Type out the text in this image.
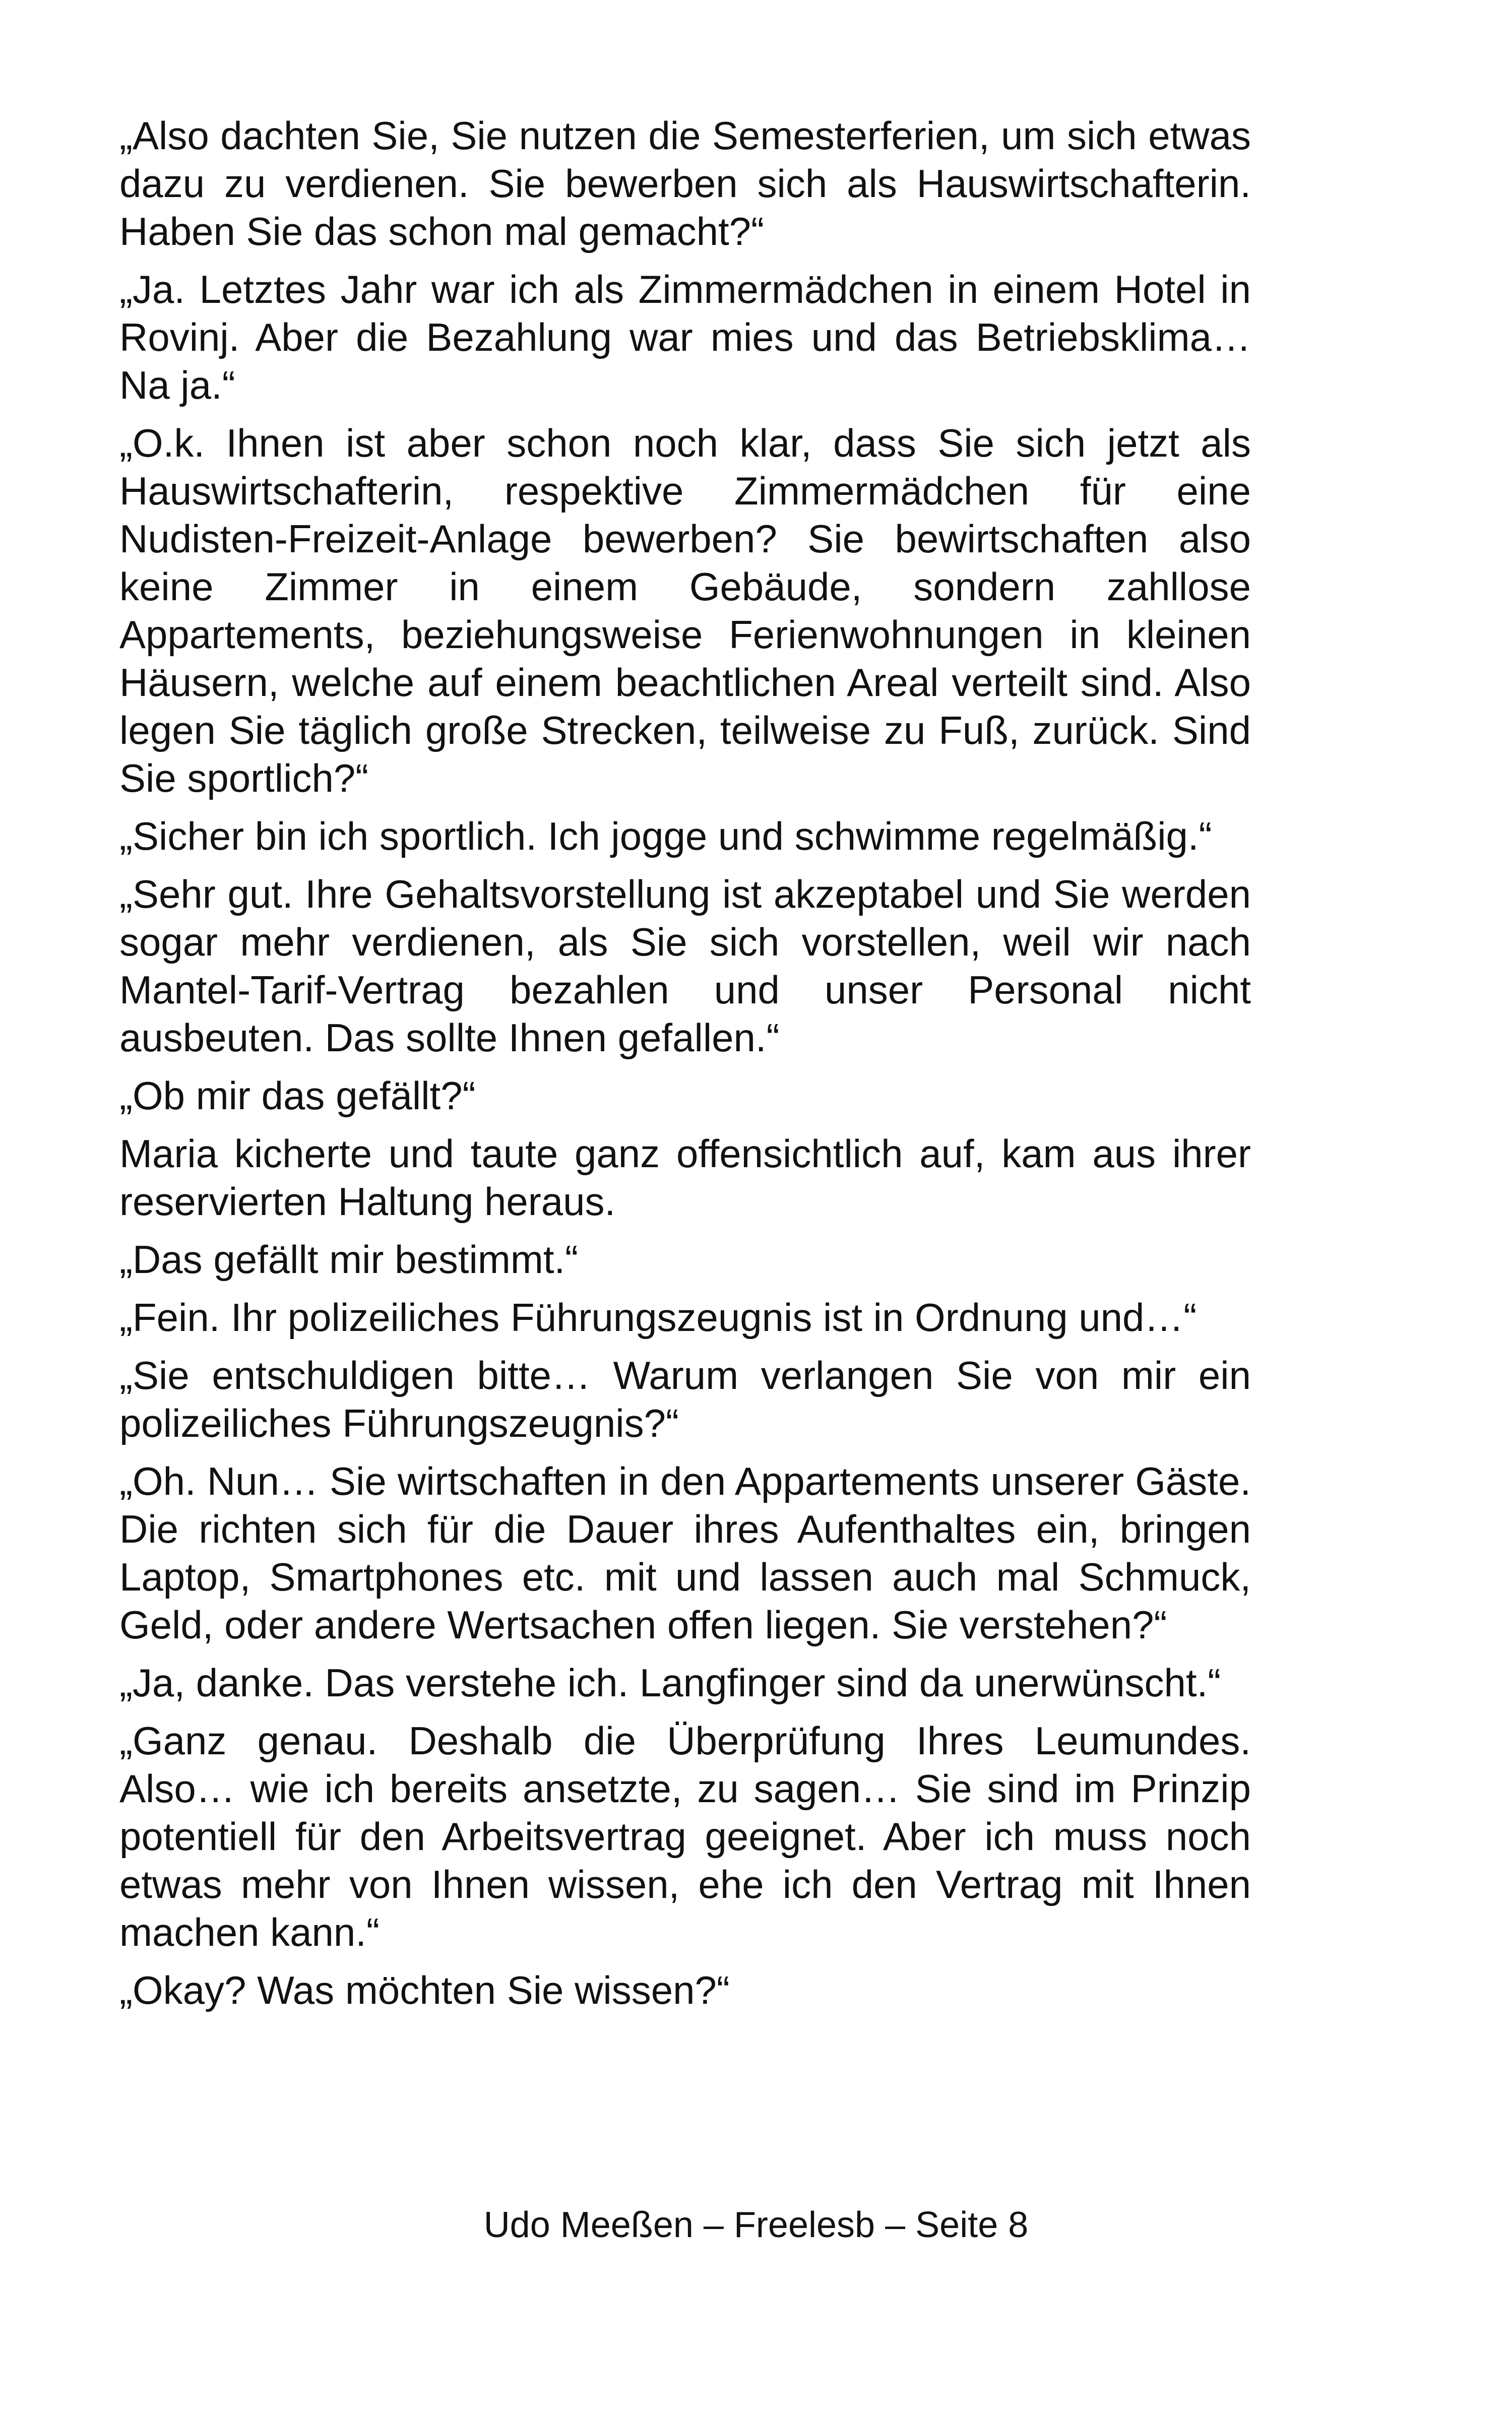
„Also dachten Sie, Sie nutzen die Semesterferien, um sich etwas dazu zu verdienen. Sie bewerben sich als Hauswirtschafterin. Haben Sie das schon mal gemacht?“

„Ja. Letztes Jahr war ich als Zimmermädchen in einem Hotel in Rovinj. Aber die Bezahlung war mies und das Betriebsklima… Na ja.“

„O.k. Ihnen ist aber schon noch klar, dass Sie sich jetzt als Hauswirtschafterin, respektive Zimmermädchen für eine Nudisten-Freizeit-Anlage bewerben? Sie bewirtschaften also keine Zimmer in einem Gebäude, sondern zahllose Appartements, beziehungsweise Ferienwohnungen in kleinen Häusern, welche auf einem beachtlichen Areal verteilt sind. Also legen Sie täglich große Strecken, teilweise zu Fuß, zurück. Sind Sie sportlich?“

„Sicher bin ich sportlich. Ich jogge und schwimme regelmäßig.“

„Sehr gut. Ihre Gehaltsvorstellung ist akzeptabel und Sie werden sogar mehr verdienen, als Sie sich vorstellen, weil wir nach Mantel-Tarif-Vertrag bezahlen und unser Personal nicht ausbeuten. Das sollte Ihnen gefallen.“

„Ob mir das gefällt?“

Maria kicherte und taute ganz offensichtlich auf, kam aus ihrer reservierten Haltung heraus.

„Das gefällt mir bestimmt.“

„Fein. Ihr polizeiliches Führungszeugnis ist in Ordnung und…“

„Sie entschuldigen bitte… Warum verlangen Sie von mir ein polizeiliches Führungszeugnis?“

„Oh. Nun… Sie wirtschaften in den Appartements unserer Gäste. Die richten sich für die Dauer ihres Aufenthaltes ein, bringen Laptop, Smartphones etc. mit und lassen auch mal Schmuck, Geld, oder andere Wertsachen offen liegen. Sie verstehen?“

„Ja, danke. Das verstehe ich. Langfinger sind da unerwünscht.“

„Ganz genau. Deshalb die Überprüfung Ihres Leumundes. Also… wie ich bereits ansetzte, zu sagen… Sie sind im Prinzip potentiell für den Arbeitsvertrag geeignet. Aber ich muss noch etwas mehr von Ihnen wissen, ehe ich den Vertrag mit Ihnen machen kann.“

„Okay? Was möchten Sie wissen?“

Udo Meeßen – Freelesb – Seite 8
